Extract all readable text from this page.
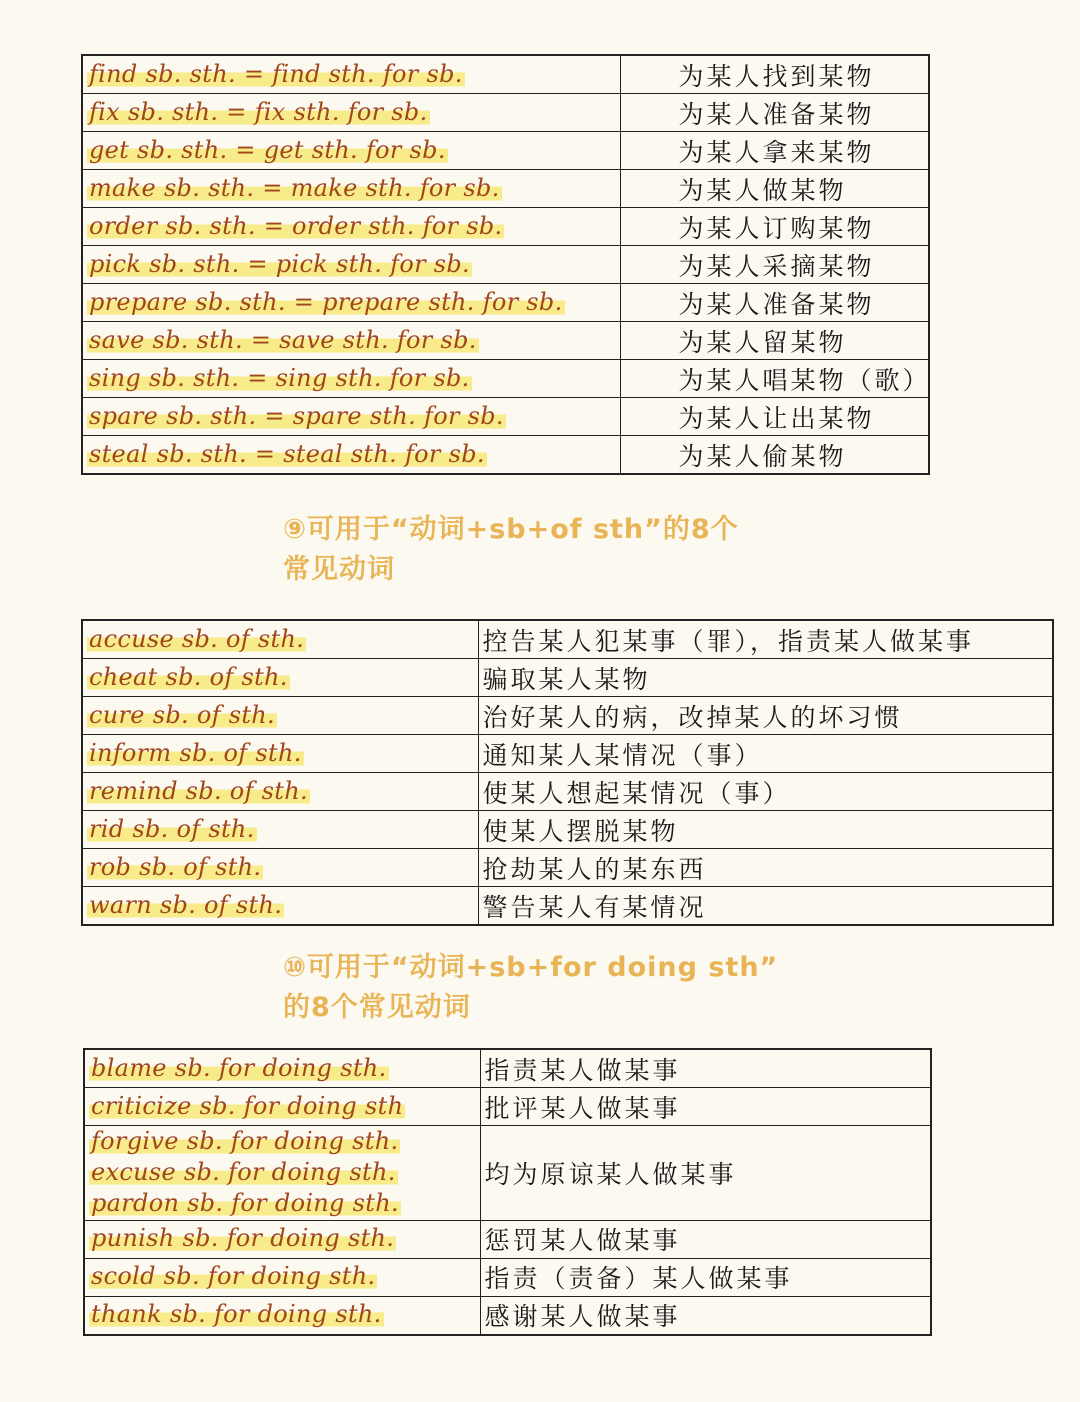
find sb. sth. = find sth. for sb.	为某人找到某物

fix sb. sth. = fix sth. for sb.	为某人准备某物

get sb. sth. = get sth. for sb.	为某人拿来某物

make sb. sth. = make sth. for sb.	为某人做某物

order sb. sth. = order sth. for sb.	为某人订购某物

pick sb. sth. = pick sth. for sb.	为某人采摘某物

prepare sb. sth. = prepare sth. for sb.	为某人准备某物

save sb. sth. = save sth. for sb.	为某人留某物

sing sb. sth. = sing sth. for sb.	为某人唱某物（歌）

spare sb. sth. = spare sth. for sb.	为某人让出某物

steal sb. sth. = steal sth. for sb.	为某人偷某物
⑨可用于“动词+sb+of sth”的8个
常见动词
accuse sb. of sth.	控告某人犯某事（罪），指责某人做某事

cheat sb. of sth.	骗取某人某物

cure sb. of sth.	治好某人的病，改掉某人的坏习惯

inform sb. of sth.	通知某人某情况（事）

remind sb. of sth.	使某人想起某情况（事）

rid sb. of sth.	使某人摆脱某物

rob sb. of sth.	抢劫某人的某东西

warn sb. of sth.	警告某人有某情况
⑩可用于“动词+sb+for doing sth”
的8个常见动词
blame sb. for doing sth.	指责某人做某事

criticize sb. for doing sth	批评某人做某事

forgive sb. for doing sth.
excuse sb. for doing sth.
pardon sb. for doing sth.	均为原谅某人做某事

punish sb. for doing sth.	惩罚某人做某事

scold sb. for doing sth.	指责（责备）某人做某事

thank sb. for doing sth.	感谢某人做某事
